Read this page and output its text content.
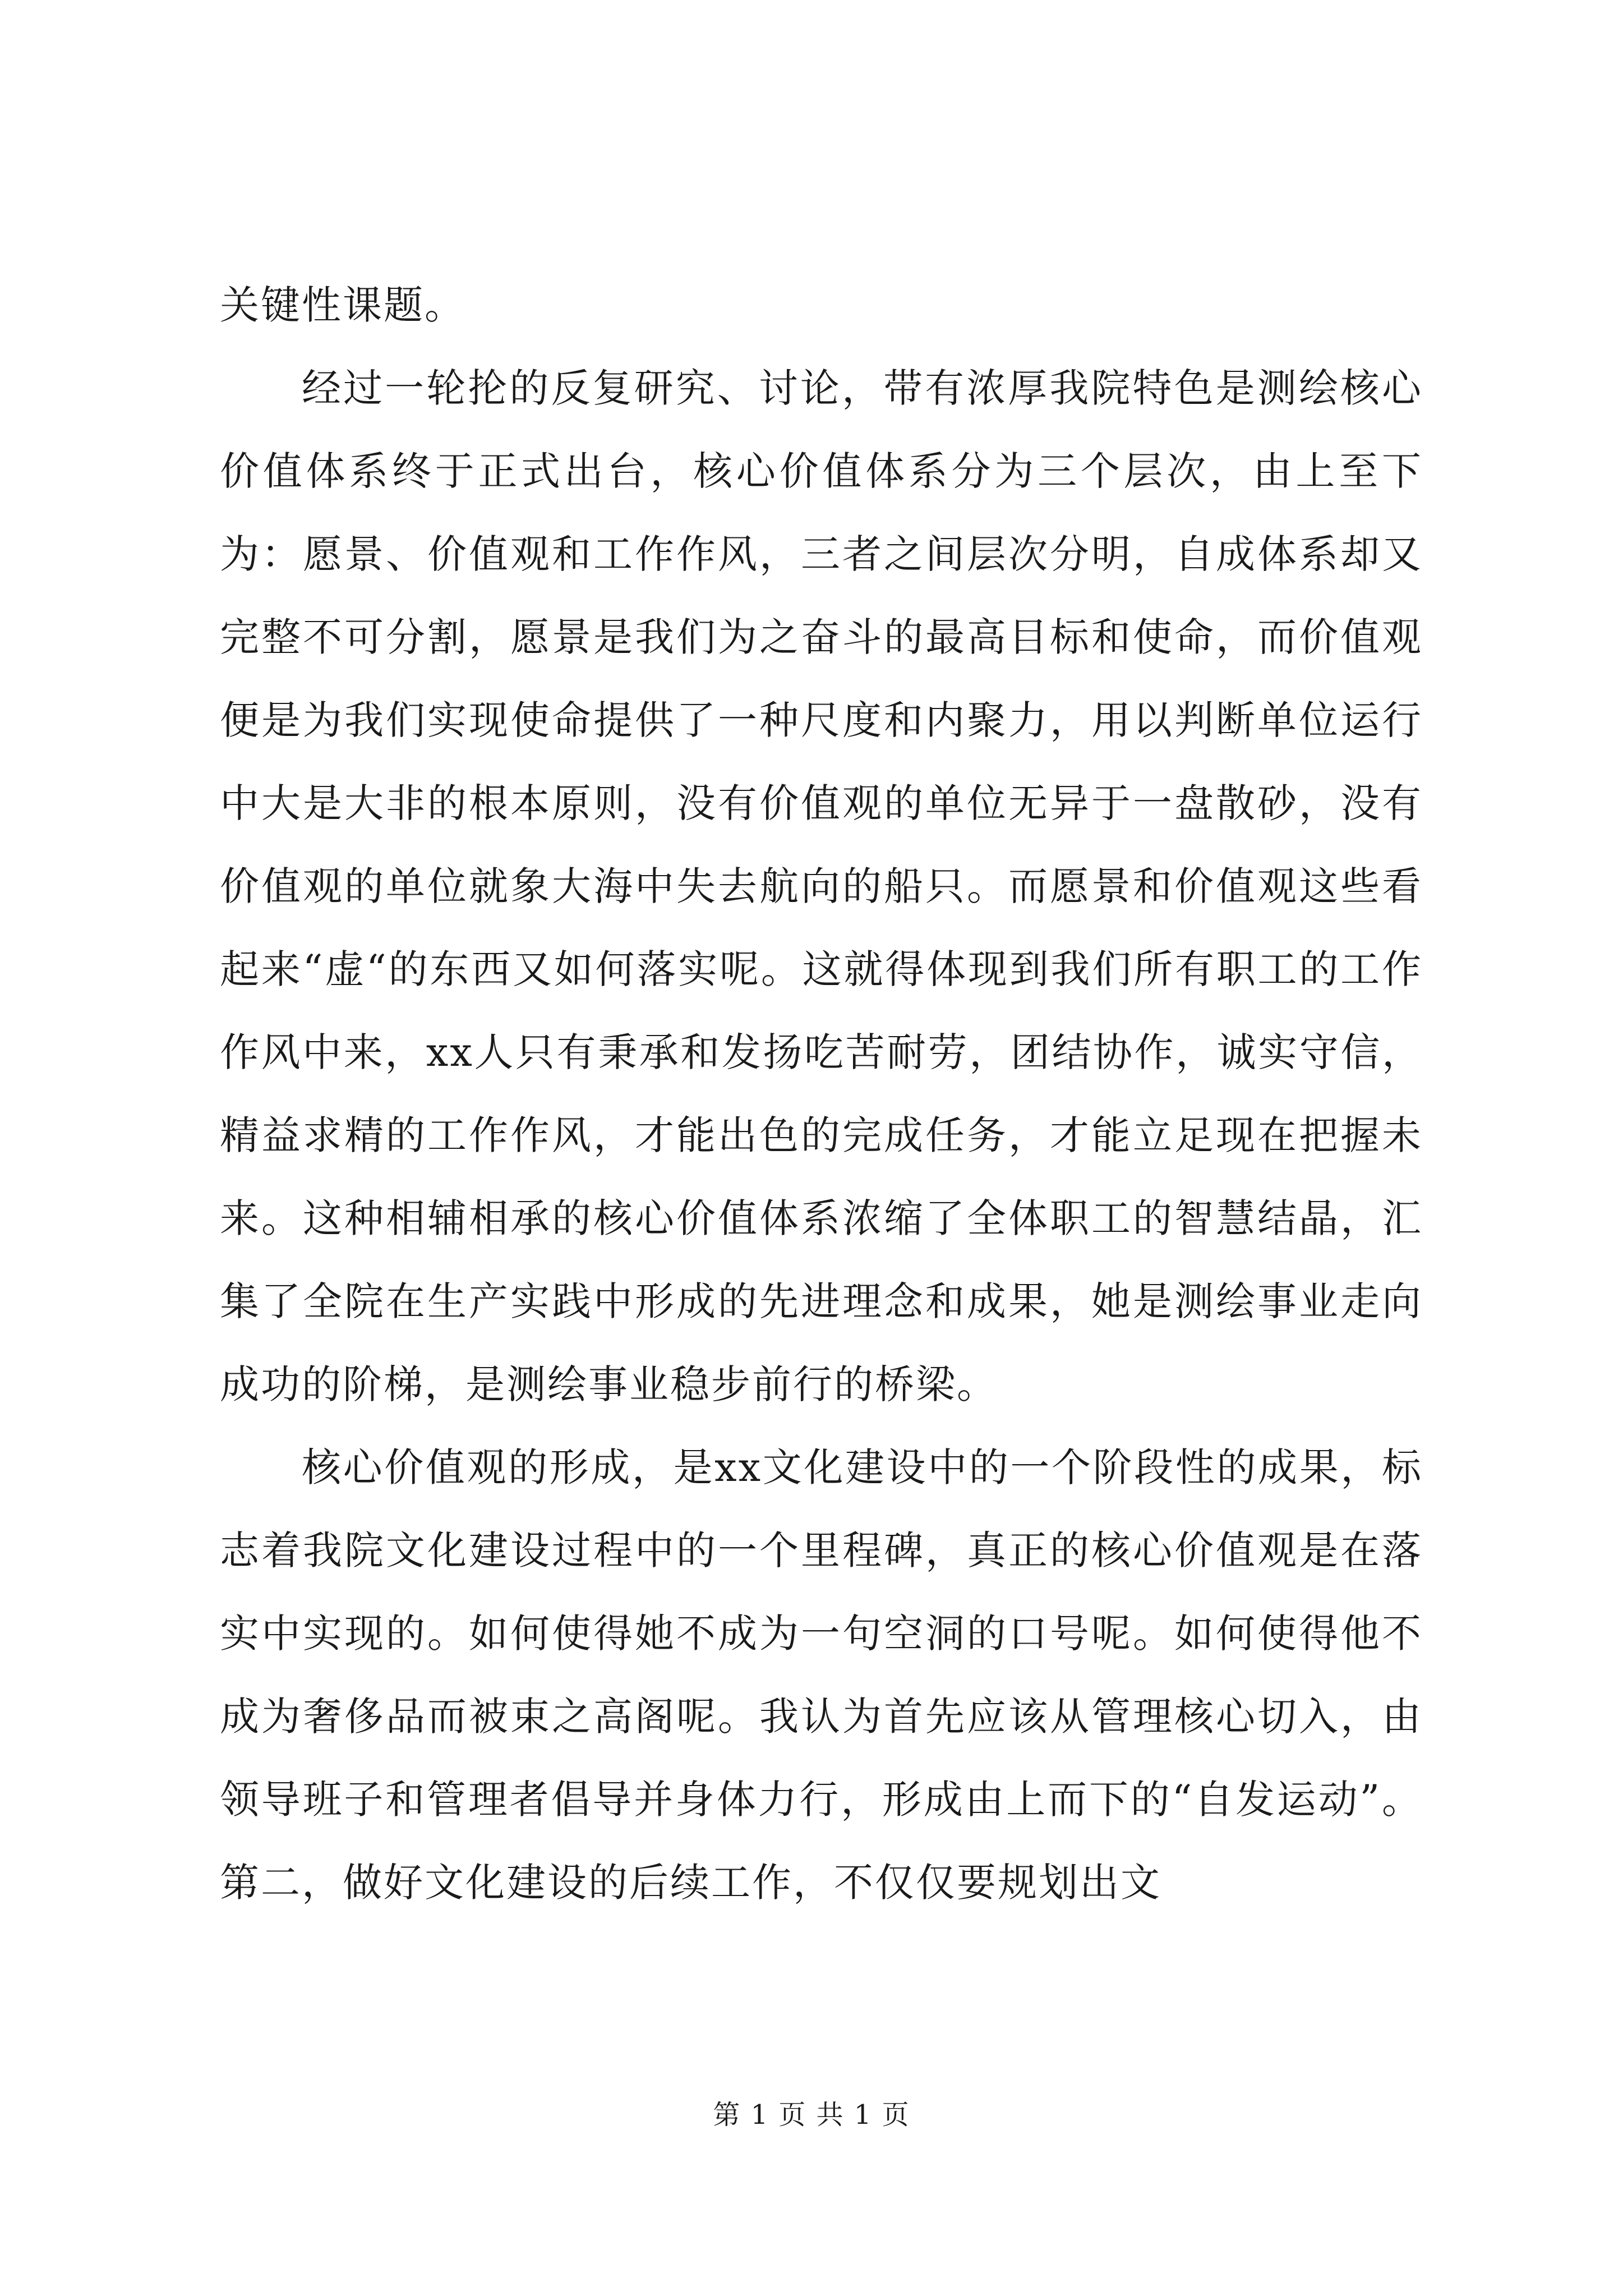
关键性课题。

经过一轮抡的反复研究、讨论，带有浓厚我院特色是测绘核心价值体系终于正式出台，核心价值体系分为三个层次，由上至下为：愿景、价值观和工作作风，三者之间层次分明，自成体系却又完整不可分割，愿景是我们为之奋斗的最高目标和使命，而价值观便是为我们实现使命提供了一种尺度和内聚力，用以判断单位运行中大是大非的根本原则，没有价值观的单位无异于一盘散砂，没有价值观的单位就象大海中失去航向的船只。而愿景和价值观这些看起来“虚“的东西又如何落实呢。这就得体现到我们所有职工的工作作风中来，xx人只有秉承和发扬吃苦耐劳，团结协作，诚实守信，精益求精的工作作风，才能出色的完成任务，才能立足现在把握未来。这种相辅相承的核心价值体系浓缩了全体职工的智慧结晶，汇集了全院在生产实践中形成的先进理念和成果，她是测绘事业走向成功的阶梯，是测绘事业稳步前行的桥梁。

核心价值观的形成，是xx文化建设中的一个阶段性的成果，标志着我院文化建设过程中的一个里程碑，真正的核心价值观是在落实中实现的。如何使得她不成为一句空洞的口号呢。如何使得他不成为奢侈品而被束之高阁呢。我认为首先应该从管理核心切入，由领导班子和管理者倡导并身体力行，形成由上而下的“自发运动”。第二，做好文化建设的后续工作，不仅仅要规划出文

第 1 页 共 1 页
